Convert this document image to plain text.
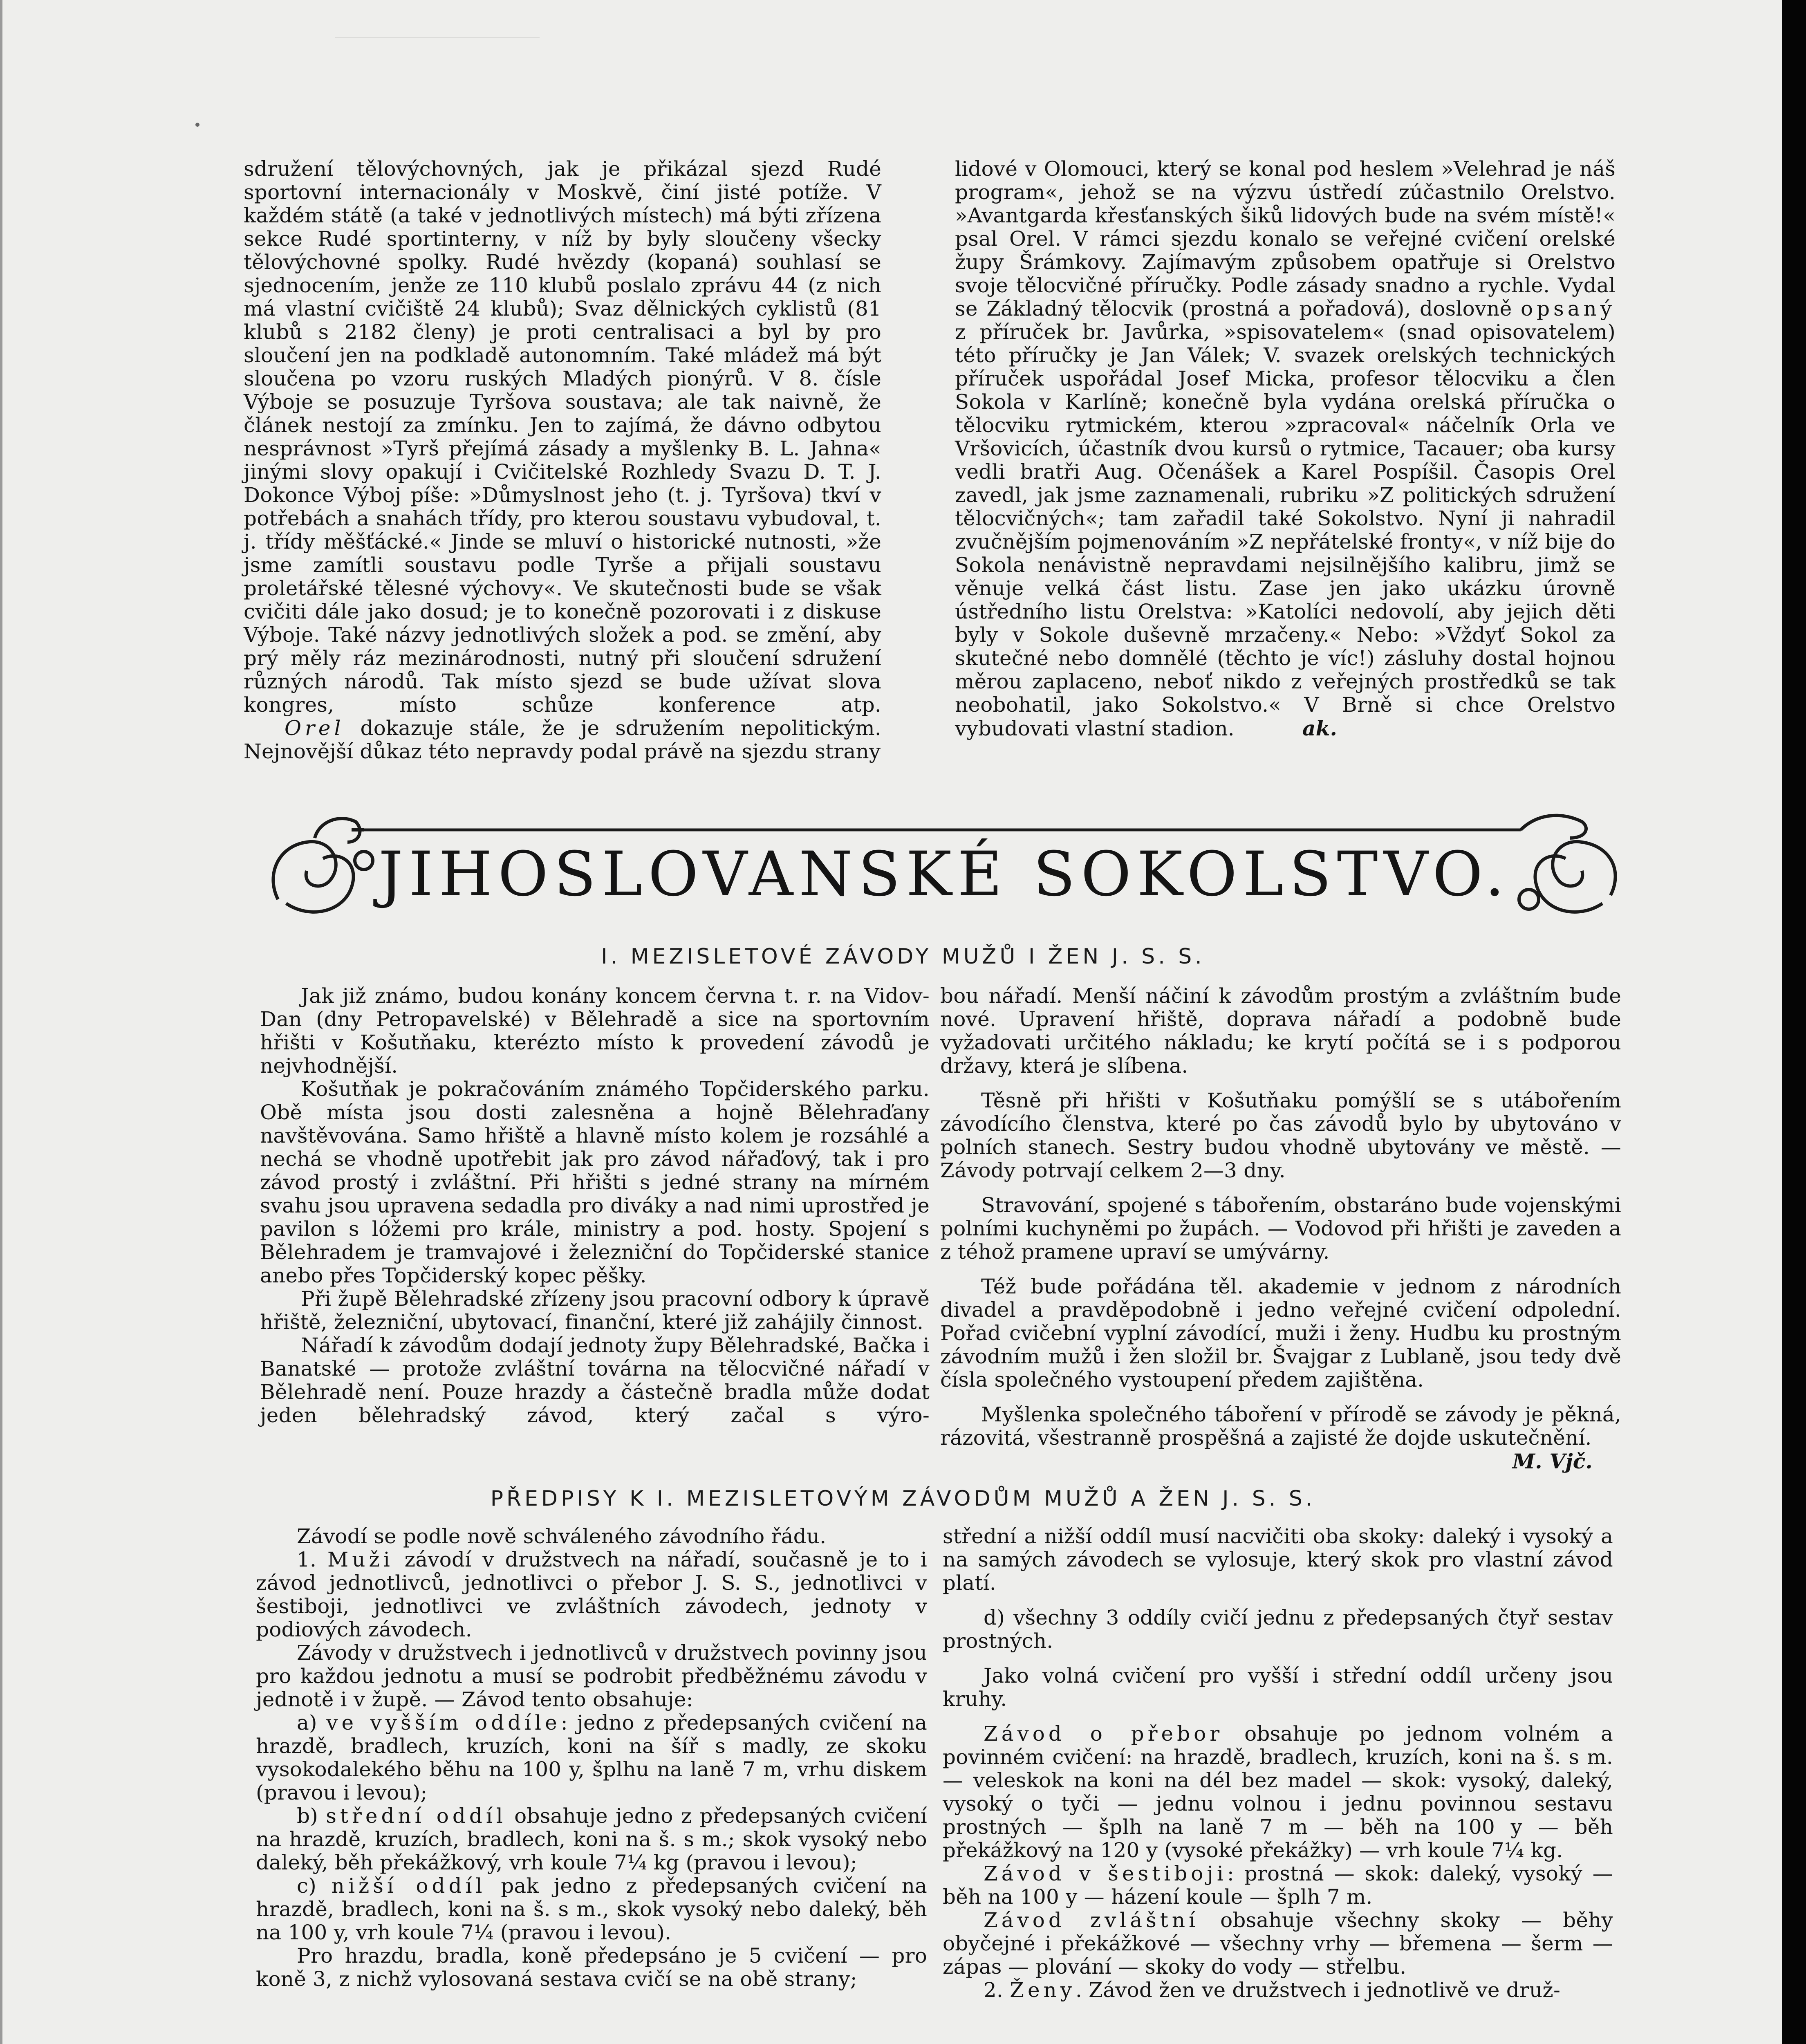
sdružení tělovýchovných, jak je přikázal sjezd Rudé sportovní internacionály v Moskvě, činí jisté potíže. V každém státě (a také v jednotlivých místech) má býti zřízena sekce Rudé sportinterny, v níž by byly sloučeny všecky tělovýchovné spolky. Rudé hvězdy (kopaná) souhlasí se sjednocením, jenže ze 110 klubů poslalo zprávu 44 (z nich má vlastní cvičiště 24 klubů); Svaz dělnických cyklistů (81 klubů s 2182 členy) je proti centralisaci a byl by pro sloučení jen na podkladě autonomním. Také mládež má být sloučena po vzoru ruských Mladých pionýrů. V 8. čísle Výboje se posuzuje Tyršova soustava; ale tak naivně, že článek nestojí za zmínku. Jen to zajímá, že dávno odbytou nesprávnost »Tyrš přejímá zásady a myšlenky B. L. Jahna« jinými slovy opakují i Cvičitelské Rozhledy Svazu D. T. J. Dokonce Výboj píše: »Důmyslnost jeho (t. j. Tyršova) tkví v potřebách a snahách třídy, pro kterou soustavu vybudoval, t. j. třídy měšťácké.« Jinde se mluví o historické nutnosti, »že jsme zamítli soustavu podle Tyrše a přijali soustavu proletářské tělesné výchovy«. Ve skutečnosti bude se však cvičiti dále jako dosud; je to konečně pozorovati i z diskuse Výboje. Také názvy jednotlivých složek a pod. se změní, aby prý měly ráz mezinárodnosti, nutný při sloučení sdružení různých národů. Tak místo sjezd se bude užívat slova kongres, místo schůze konference atp.

Orel dokazuje stále, že je sdružením nepolitickým. Nejnovější důkaz této nepravdy podal právě na sjezdu strany

lidové v Olomouci, který se konal pod heslem »Velehrad je náš program«, jehož se na výzvu ústředí zúčastnilo Orelstvo. »Avantgarda křesťanských šiků lidových bude na svém místě!« psal Orel. V rámci sjezdu konalo se veřejné cvičení orelské župy Šrámkovy. Zajímavým způsobem opatřuje si Orelstvo svoje tělocvičné příručky. Podle zásady snadno a rychle. Vydal se Základný tělocvik (prostná a pořadová), doslovně opsaný z příruček br. Javůrka, »spisovatelem« (snad opisovatelem) této příručky je Jan Válek; V. svazek orelských technických příruček uspořádal Josef Micka, profesor tělocviku a člen Sokola v Karlíně; konečně byla vydána orelská příručka o tělocviku rytmickém, kterou »zpracoval« náčelník Orla ve Vršovicích, účastník dvou kursů o rytmice, Tacauer; oba kursy vedli bratři Aug. Očenášek a Karel Pospíšil. Časopis Orel zavedl, jak jsme zaznamenali, rubriku »Z politických sdružení tělocvičných«; tam zařadil také Sokolstvo. Nyní ji nahradil zvučnějším pojmenováním »Z nepřátelské fronty«, v níž bije do Sokola nenávistně nepravdami nejsilnějšího kalibru, jimž se věnuje velká část listu. Zase jen jako ukázku úrovně ústředního listu Orelstva: »Katolíci nedovolí, aby jejich děti byly v Sokole duševně mrzačeny.« Nebo: »Vždyť Sokol za skutečné nebo domnělé (těchto je víc!) zásluhy dostal hojnou měrou zaplaceno, neboť nikdo z veřejných prostředků se tak neobohatil, jako Sokolstvo.« V Brně si chce Orelstvo vybudovati vlastní stadion.	ak.

JIHOSLOVANSKÉ SOKOLSTVO.
I. MEZISLETOVÉ ZÁVODY MUŽŮ I ŽEN J. S. S.

Jak již známo, budou konány koncem června t. r. na Vidov-Dan (dny Petropavelské) v Bělehradě a sice na sportovním hřišti v Košutňaku, kterézto místo k provedení závodů je nejvhodnější.

Košutňak je pokračováním známého Topčiderského parku. Obě místa jsou dosti zalesněna a hojně Bělehraďany navštěvována. Samo hřiště a hlavně místo kolem je rozsáhlé a nechá se vhodně upotřebit jak pro závod nářaďový, tak i pro závod prostý i zvláštní. Při hřišti s jedné strany na mírném svahu jsou upravena sedadla pro diváky a nad nimi uprostřed je pavilon s lóžemi pro krále, ministry a pod. hosty. Spojení s Bělehradem je tramvajové i železniční do Topčiderské stanice anebo přes Topčiderský kopec pěšky.

Při župě Bělehradské zřízeny jsou pracovní odbory k úpravě hřiště, železniční, ubytovací, finanční, které již zahájily činnost.

Nářadí k závodům dodají jednoty župy Bělehradské, Bačka i Banatské — protože zvláštní továrna na tělocvičné nářadí v Bělehradě není. Pouze hrazdy a částečně bradla může dodat jeden bělehradský závod, který začal s výro-

bou nářadí. Menší náčiní k závodům prostým a zvláštním bude nové. Upravení hřiště, doprava nářadí a podobně bude vyžadovati určitého nákladu; ke krytí počítá se i s podporou državy, která je slíbena.

Těsně při hřišti v Košutňaku pomýšlí se s utábořením závodícího členstva, které po čas závodů bylo by ubytováno v polních stanech. Sestry budou vhodně ubytovány ve městě. — Závody potrvají celkem 2—3 dny.

Stravování, spojené s tábořením, obstaráno bude vojenskými polními kuchyněmi po župách. — Vodovod při hřišti je zaveden a z téhož pramene upraví se umývárny.

Též bude pořádána těl. akademie v jednom z národních divadel a pravděpodobně i jedno veřejné cvičení odpolední. Pořad cvičební vyplní závodící, muži i ženy. Hudbu ku prostným závodním mužů i žen složil br. Švajgar z Lublaně, jsou tedy dvě čísla společného vystoupení předem zajištěna.

Myšlenka společného táboření v přírodě se závody je pěkná, rázovitá, všestranně prospěšná a zajisté že dojde uskutečnění.

M. Vjč.
PŘEDPISY K I. MEZISLETOVÝM ZÁVODŮM MUŽŮ A ŽEN J. S. S.

Závodí se podle nově schváleného závodního řádu.

1. Muži závodí v družstvech na nářadí, současně je to i závod jednotlivců, jednotlivci o přebor J. S. S., jednotlivci v šestiboji, jednotlivci ve zvláštních závodech, jednoty v podiových závodech.

Závody v družstvech i jednotlivců v družstvech povinny jsou pro každou jednotu a musí se podrobit předběžnému závodu v jednotě i v župě. — Závod tento obsahuje:

a) ve vyšším oddíle: jedno z předepsaných cvičení na hrazdě, bradlech, kruzích, koni na šíř s madly, ze skoku vysokodalekého běhu na 100 y, šplhu na laně 7 m, vrhu diskem (pravou i levou);

b) střední oddíl obsahuje jedno z předepsaných cvičení na hrazdě, kruzích, bradlech, koni na š. s m.; skok vysoký nebo daleký, běh překážkový, vrh koule 7¼ kg (pravou i levou);

c) nižší oddíl pak jedno z předepsaných cvičení na hrazdě, bradlech, koni na š. s m., skok vysoký nebo daleký, běh na 100 y, vrh koule 7¼ (pravou i levou).

Pro hrazdu, bradla, koně předepsáno je 5 cvičení — pro koně 3, z nichž vylosovaná sestava cvičí se na obě strany;

střední a nižší oddíl musí nacvičiti oba skoky: daleký i vysoký a na samých závodech se vylosuje, který skok pro vlastní závod platí.

d) všechny 3 oddíly cvičí jednu z předepsaných čtyř sestav prostných.

Jako volná cvičení pro vyšší i střední oddíl určeny jsou kruhy.

Závod o přebor obsahuje po jednom volném a povinném cvičení: na hrazdě, bradlech, kruzích, koni na š. s m. — veleskok na koni na dél bez madel — skok: vysoký, daleký, vysoký o tyči — jednu volnou i jednu povinnou sestavu prostných — šplh na laně 7 m — běh na 100 y — běh překážkový na 120 y (vysoké překážky) — vrh koule 7¼ kg.

Závod v šestiboji: prostná — skok: daleký, vysoký — běh na 100 y — házení koule — šplh 7 m.

Závod zvláštní obsahuje všechny skoky — běhy obyčejné i překážkové — všechny vrhy — břemena — šerm — zápas — plování — skoky do vody — střelbu.

2. Ženy. Závod žen ve družstvech i jednotlivě ve druž-
